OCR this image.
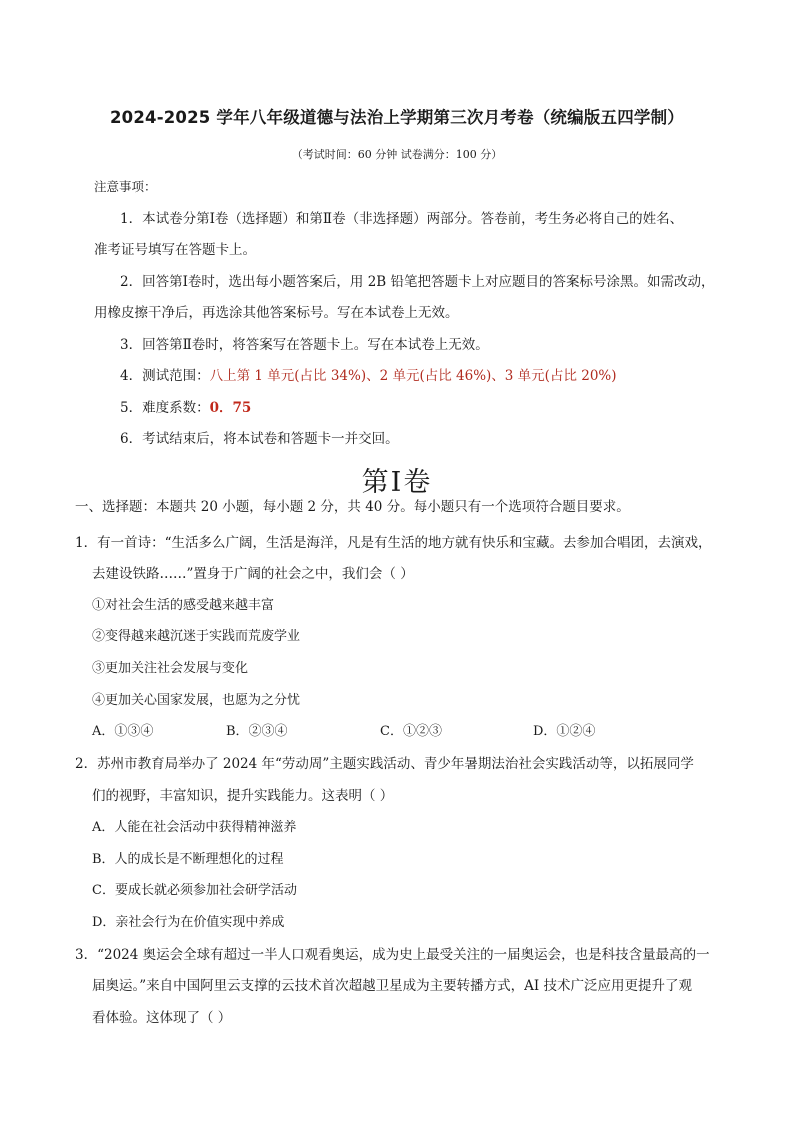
2024-2025 学年八年级道德与法治上学期第三次月考卷（统编版五四学制）
（考试时间：60 分钟 试卷满分：100 分）
注意事项：
1．本试卷分第Ⅰ卷（选择题）和第Ⅱ卷（非选择题）两部分。答卷前，考生务必将自己的姓名、
准考证号填写在答题卡上。
2．回答第Ⅰ卷时，选出每小题答案后，用 2B 铅笔把答题卡上对应题目的答案标号涂黑。如需改动，
用橡皮擦干净后，再选涂其他答案标号。写在本试卷上无效。
3．回答第Ⅱ卷时，将答案写在答题卡上。写在本试卷上无效。
4．测试范围：八上第 1 单元(占比 34%)、2 单元(占比 46%)、3 单元(占比 20%)
5．难度系数：0．75
6．考试结束后，将本试卷和答题卡一并交回。
第Ⅰ卷
一、选择题：本题共 20 小题，每小题 2 分，共 40 分。每小题只有一个选项符合题目要求。
1．有一首诗：“生活多么广阔，生活是海洋，凡是有生活的地方就有快乐和宝藏。去参加合唱团，去演戏，
去建设铁路……”置身于广阔的社会之中，我们会（ ）
①对社会生活的感受越来越丰富
②变得越来越沉迷于实践而荒废学业
③更加关注社会发展与变化
④更加关心国家发展，也愿为之分忧
A．①③④	B．②③④	C．①②③	D．①②④
2．苏州市教育局举办了 2024 年“劳动周”主题实践活动、青少年暑期法治社会实践活动等，以拓展同学
们的视野，丰富知识，提升实践能力。这表明（ ）
A．人能在社会活动中获得精神滋养
B．人的成长是不断理想化的过程
C．要成长就必须参加社会研学活动
D．亲社会行为在价值实现中养成
3．“2024 奥运会全球有超过一半人口观看奥运，成为史上最受关注的一届奥运会，也是科技含量最高的一
届奥运。”来自中国阿里云支撑的云技术首次超越卫星成为主要转播方式，AI 技术广泛应用更提升了观
看体验。这体现了（ ）
